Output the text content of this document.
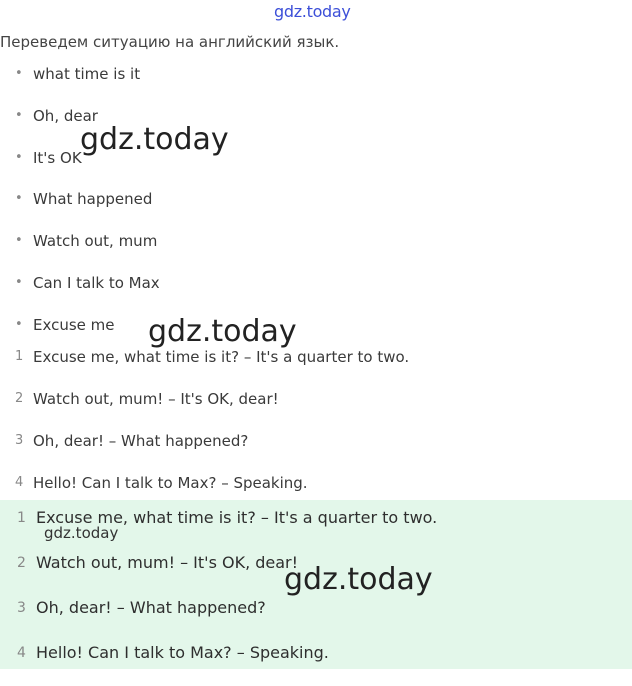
gdz.today
Переведем ситуацию на английский язык.
• what time is it
• Oh, dear
• It's OK
• What happened
• Watch out, mum
• Can I talk to Max
• Excuse me
1 Excuse me, what time is it? – It's a quarter to two.
2 Watch out, mum! – It's OK, dear!
3 Oh, dear! – What happened?
4 Hello! Can I talk to Max? – Speaking.
1 Excuse me, what time is it? – It's a quarter to two.
2 Watch out, mum! – It's OK, dear!
3 Oh, dear! – What happened?
4 Hello! Can I talk to Max? – Speaking.
gdz.today
gdz.today
gdz.today
gdz.today
